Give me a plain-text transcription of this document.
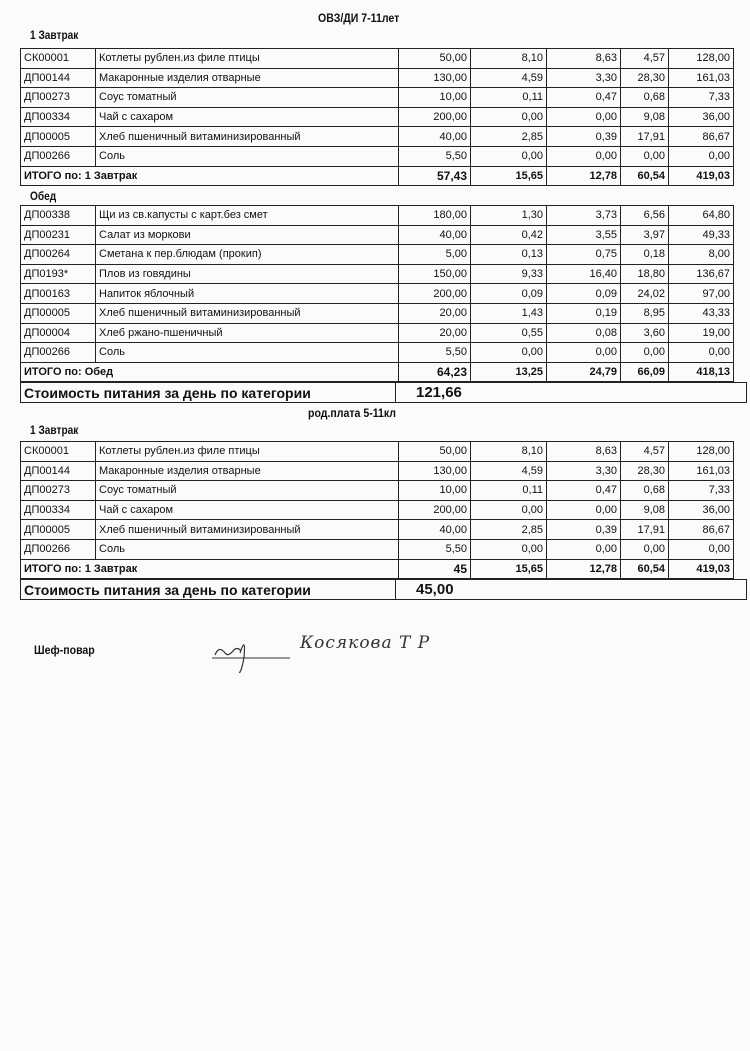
ОВЗ/ДИ 7-11лет
1 Завтрак
СК00001	Котлеты рублен.из филе птицы	50,00	8,10	8,63	4,57	128,00
ДП00144	Макаронные изделия отварные	130,00	4,59	3,30	28,30	161,03
ДП00273	Соус томатный	10,00	0,11	0,47	0,68	7,33
ДП00334	Чай с сахаром	200,00	0,00	0,00	9,08	36,00
ДП00005	Хлеб пшеничный витаминизированный	40,00	2,85	0,39	17,91	86,67
ДП00266	Соль	5,50	0,00	0,00	0,00	0,00
ИТОГО по: 1 Завтрак		57,43	15,65	12,78	60,54	419,03
Обед
ДП00338	Щи из св.капусты с карт.без смет	180,00	1,30	3,73	6,56	64,80
ДП00231	Салат из моркови	40,00	0,42	3,55	3,97	49,33
ДП00264	Сметана к пер.блюдам (прокип)	5,00	0,13	0,75	0,18	8,00
ДП0193*	Плов из говядины	150,00	9,33	16,40	18,80	136,67
ДП00163	Напиток яблочный	200,00	0,09	0,09	24,02	97,00
ДП00005	Хлеб пшеничный витаминизированный	20,00	1,43	0,19	8,95	43,33
ДП00004	Хлеб ржано-пшеничный	20,00	0,55	0,08	3,60	19,00
ДП00266	Соль	5,50	0,00	0,00	0,00	0,00
ИТОГО по: Обед		64,23	13,25	24,79	66,09	418,13
Стоимость питания за день по категории	121,66
род.плата 5-11кл
1 Завтрак
СК00001	Котлеты рублен.из филе птицы	50,00	8,10	8,63	4,57	128,00
ДП00144	Макаронные изделия отварные	130,00	4,59	3,30	28,30	161,03
ДП00273	Соус томатный	10,00	0,11	0,47	0,68	7,33
ДП00334	Чай с сахаром	200,00	0,00	0,00	9,08	36,00
ДП00005	Хлеб пшеничный витаминизированный	40,00	2,85	0,39	17,91	86,67
ДП00266	Соль	5,50	0,00	0,00	0,00	0,00
ИТОГО по: 1 Завтрак		45	15,65	12,78	60,54	419,03
Стоимость питания за день по категории	45,00
Шеф-повар	Косякова Т Р
